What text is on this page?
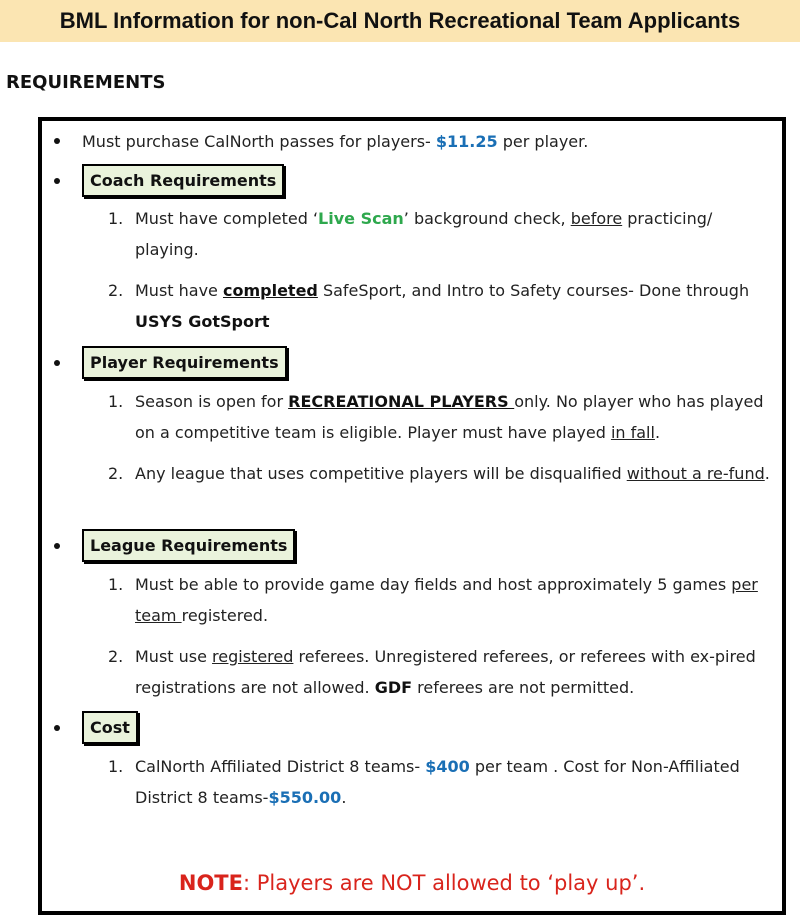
BML Information for non-Cal North Recreational Team Applicants
REQUIREMENTS
Must purchase CalNorth passes for players- $11.25 per player.
Coach Requirements
1. Must have completed ‘Live Scan’ background check, before practicing/ playing.
2. Must have completed SafeSport, and Intro to Safety courses- Done through USYS GotSport
Player Requirements
1. Season is open for RECREATIONAL PLAYERS only. No player who has played on a competitive team is eligible. Player must have played in fall.
2. Any league that uses competitive players will be disqualified without a re-fund.
League Requirements
1. Must be able to provide game day fields and host approximately 5 games per team registered.
2. Must use registered referees. Unregistered referees, or referees with ex-pired registrations are not allowed. GDF referees are not permitted.
Cost
1. CalNorth Affiliated District 8 teams- $400 per team . Cost for Non-Affiliated District 8 teams-$550.00.
NOTE: Players are NOT allowed to ‘play up’.
